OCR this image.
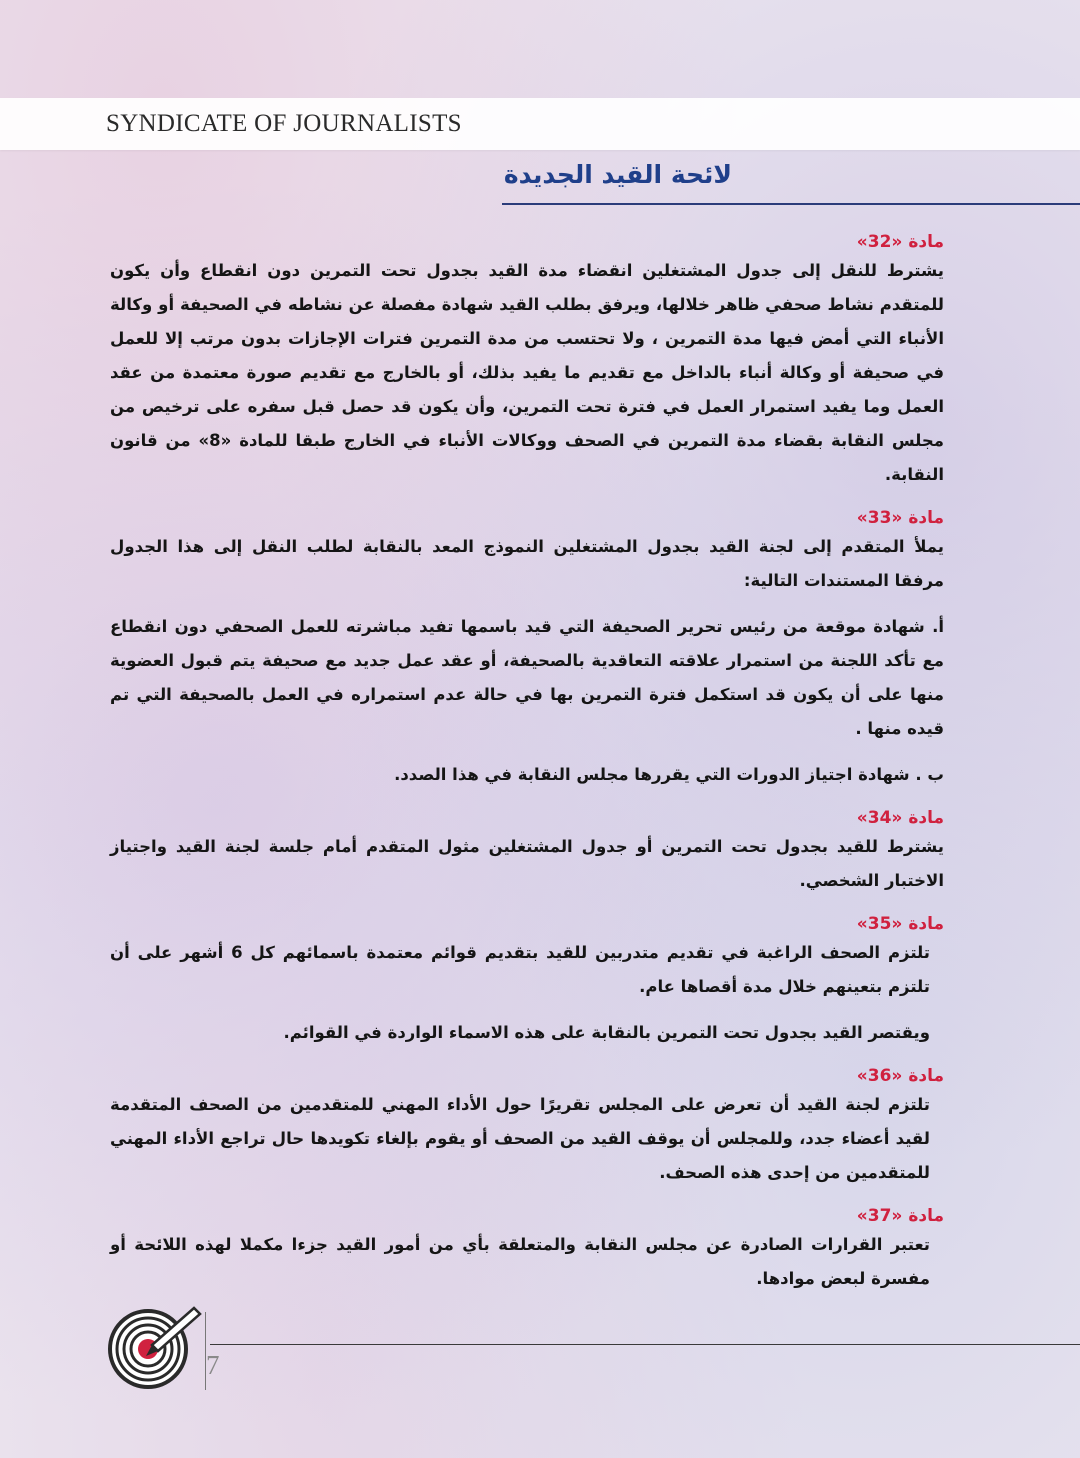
SYNDICATE OF JOURNALISTS
لائحة القيد الجديدة
مادة «32»

يشترط للنقل إلى جدول المشتغلين انقضاء مدة القيد بجدول تحت التمرين دون انقطاع وأن يكون للمتقدم نشاط صحفي ظاهر خلالها، ويرفق بطلب القيد شهادة مفصلة عن نشاطه في الصحيفة أو وكالة الأنباء التي أمض فيها مدة التمرين ، ولا تحتسب من مدة التمرين فترات الإجازات بدون مرتب إلا للعمل في صحيفة أو وكالة أنباء بالداخل مع تقديم ما يفيد بذلك، أو بالخارج مع تقديم صورة معتمدة من عقد العمل وما يفيد استمرار العمل في فترة تحت التمرين، وأن يكون قد حصل قبل سفره على ترخيص من مجلس النقابة بقضاء مدة التمرين في الصحف ووكالات الأنباء في الخارج طبقا للمادة «8» من قانون النقابة.

مادة «33»

يملأ المتقدم إلى لجنة القيد بجدول المشتغلين النموذج المعد بالنقابة لطلب النقل إلى هذا الجدول مرفقا المستندات التالية:

أ. شهادة موقعة من رئيس تحرير الصحيفة التي قيد باسمها تفيد مباشرته للعمل الصحفي دون انقطاع مع تأكد اللجنة من استمرار علاقته التعاقدية بالصحيفة، أو عقد عمل جديد مع صحيفة يتم قبول العضوية منها على أن يكون قد استكمل فترة التمرين بها في حالة عدم استمراره في العمل بالصحيفة التي تم قيده منها .

ب . شهادة اجتياز الدورات التي يقررها مجلس النقابة في هذا الصدد.

مادة «34»

يشترط للقيد بجدول تحت التمرين أو جدول المشتغلين مثول المتقدم أمام جلسة لجنة القيد واجتياز الاختبار الشخصي.

مادة «35»

تلتزم الصحف الراغبة في تقديم متدربين للقيد بتقديم قوائم معتمدة باسمائهم كل 6 أشهر على أن تلتزم بتعينهم خلال مدة أقصاها عام.

ويقتصر القيد بجدول تحت التمرين بالنقابة على هذه الاسماء الواردة في القوائم.

مادة «36»

تلتزم لجنة القيد أن تعرض على المجلس تقريرًا حول الأداء المهني للمتقدمين من الصحف المتقدمة لقيد أعضاء جدد، وللمجلس أن يوقف القيد من الصحف أو يقوم بإلغاء تكويدها حال تراجع الأداء المهني للمتقدمين من إحدى هذه الصحف.

مادة «37»

تعتبر القرارات الصادرة عن مجلس النقابة والمتعلقة بأي من أمور القيد جزءا مكملا لهذه اللائحة أو مفسرة لبعض موادها.

7
